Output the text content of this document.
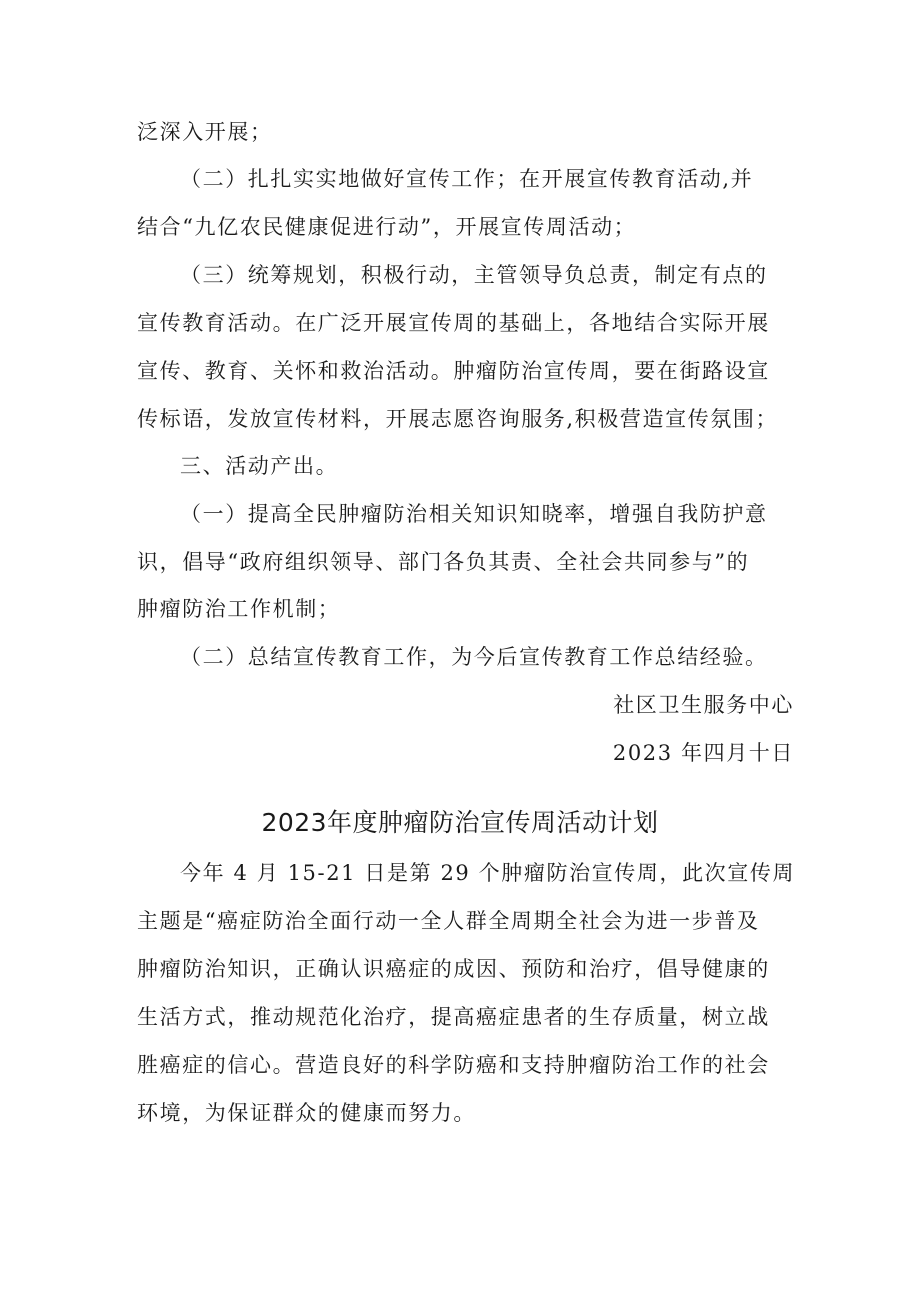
泛深入开展；
（二）扎扎实实地做好宣传工作；在开展宣传教育活动,并
结合“九亿农民健康促进行动”，开展宣传周活动；
（三）统筹规划，积极行动，主管领导负总责，制定有点的
宣传教育活动。在广泛开展宣传周的基础上，各地结合实际开展
宣传、教育、关怀和救治活动。肿瘤防治宣传周，要在街路设宣
传标语，发放宣传材料，开展志愿咨询服务,积极营造宣传氛围；
三、活动产出。
（一）提高全民肿瘤防治相关知识知晓率，增强自我防护意
识，倡导“政府组织领导、部门各负其责、全社会共同参与”的
肿瘤防治工作机制；
（二）总结宣传教育工作，为今后宣传教育工作总结经验。
社区卫生服务中心
2023 年四月十日
2023年度肿瘤防治宣传周活动计划
今年 4 月 15-21 日是第 29 个肿瘤防治宣传周，此次宣传周
主题是“癌症防治全面行动一全人群全周期全社会为进一步普及
肿瘤防治知识，正确认识癌症的成因、预防和治疗，倡导健康的
生活方式，推动规范化治疗，提高癌症患者的生存质量，树立战
胜癌症的信心。营造良好的科学防癌和支持肿瘤防治工作的社会
环境，为保证群众的健康而努力。
